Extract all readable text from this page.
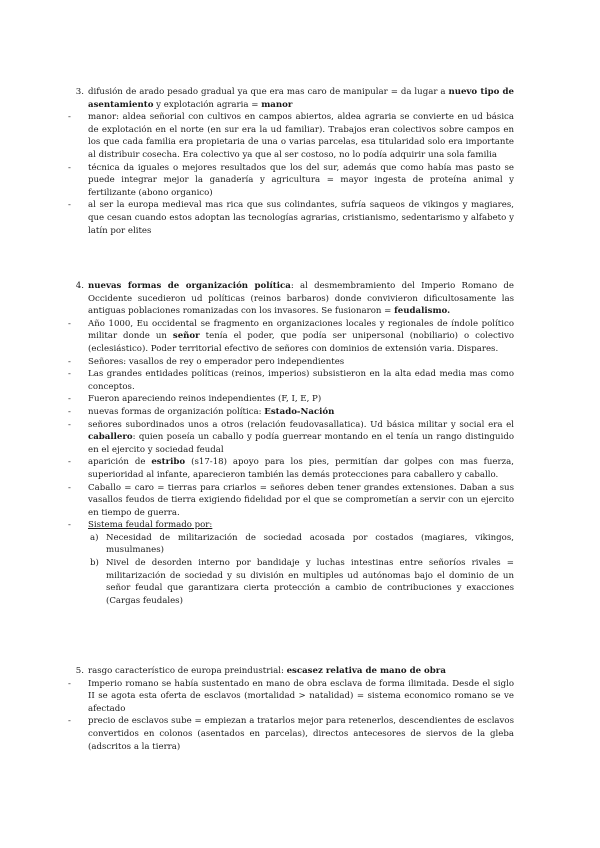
3. difusión de arado pesado gradual ya que era mas caro de manipular = da lugar a nuevo tipo de asentamiento y explotación agraria = manor
- manor: aldea señorial con cultivos en campos abiertos, aldea agraria se convierte en ud básica de explotación en el norte (en sur era la ud familiar). Trabajos eran colectivos sobre campos en los que cada familia era propietaria de una o varias parcelas, esa titularidad solo era importante al distribuir cosecha. Era colectivo ya que al ser costoso, no lo podía adquirir una sola familia
- técnica da iguales o mejores resultados que los del sur, además que como había mas pasto se puede integrar mejor la ganadería y agricultura = mayor ingesta de proteína animal y fertilizante (abono organico)
- al ser la europa medieval mas rica que sus colindantes, sufría saqueos de vikingos y magiares, que cesan cuando estos adoptan las tecnologías agrarias, cristianismo, sedentarismo y alfabeto y latín por elites
4. nuevas formas de organización política: al desmembramiento del Imperio Romano de Occidente sucedieron ud políticas (reinos barbaros) donde convivieron dificultosamente las antiguas poblaciones romanizadas con los invasores. Se fusionaron = feudalismo.
- Año 1000, Eu occidental se fragmento en organizaciones locales y regionales de índole político militar donde un señor tenía el poder, que podía ser unipersonal (nobiliario) o colectivo (eclesiástico). Poder territorial efectivo de señores con dominios de extensión varia. Dispares.
- Señores: vasallos de rey o emperador pero independientes
- Las grandes entidades políticas (reinos, imperios) subsistieron en la alta edad media mas como conceptos.
- Fueron apareciendo reinos independientes (F, I, E, P)
- nuevas formas de organización política: Estado-Nación
- señores subordinados unos a otros (relación feudovasallatica). Ud básica militar y social era el caballero: quien poseía un caballo y podía guerrear montando en el tenía un rango distinguido en el ejercito y sociedad feudal
- aparición de estribo (s17-18) apoyo para los pies, permitían dar golpes con mas fuerza, superioridad al infante, aparecieron también las demás protecciones para caballero y caballo.
- Caballo = caro = tierras para criarlos = señores deben tener grandes extensiones. Daban a sus vasallos feudos de tierra exigiendo fidelidad por el que se comprometían a servir con un ejercito en tiempo de guerra.
- Sistema feudal formado por:
a) Necesidad de militarización de sociedad acosada por costados (magiares, vikingos, musulmanes)
b) Nivel de desorden interno por bandidaje y luchas intestinas entre señoríos rivales = militarización de sociedad y su división en multiples ud autónomas bajo el dominio de un señor feudal que garantizara cierta protección a cambio de contribuciones y exacciones (Cargas feudales)
5. rasgo característico de europa preindustrial: escasez relativa de mano de obra
- Imperio romano se había sustentado en mano de obra esclava de forma ilimitada. Desde el siglo II se agota esta oferta de esclavos (mortalidad > natalidad) = sistema economico romano se ve afectado
- precio de esclavos sube = empiezan a tratarlos mejor para retenerlos, descendientes de esclavos convertidos en colonos (asentados en parcelas), directos antecesores de siervos de la gleba (adscritos a la tierra)
